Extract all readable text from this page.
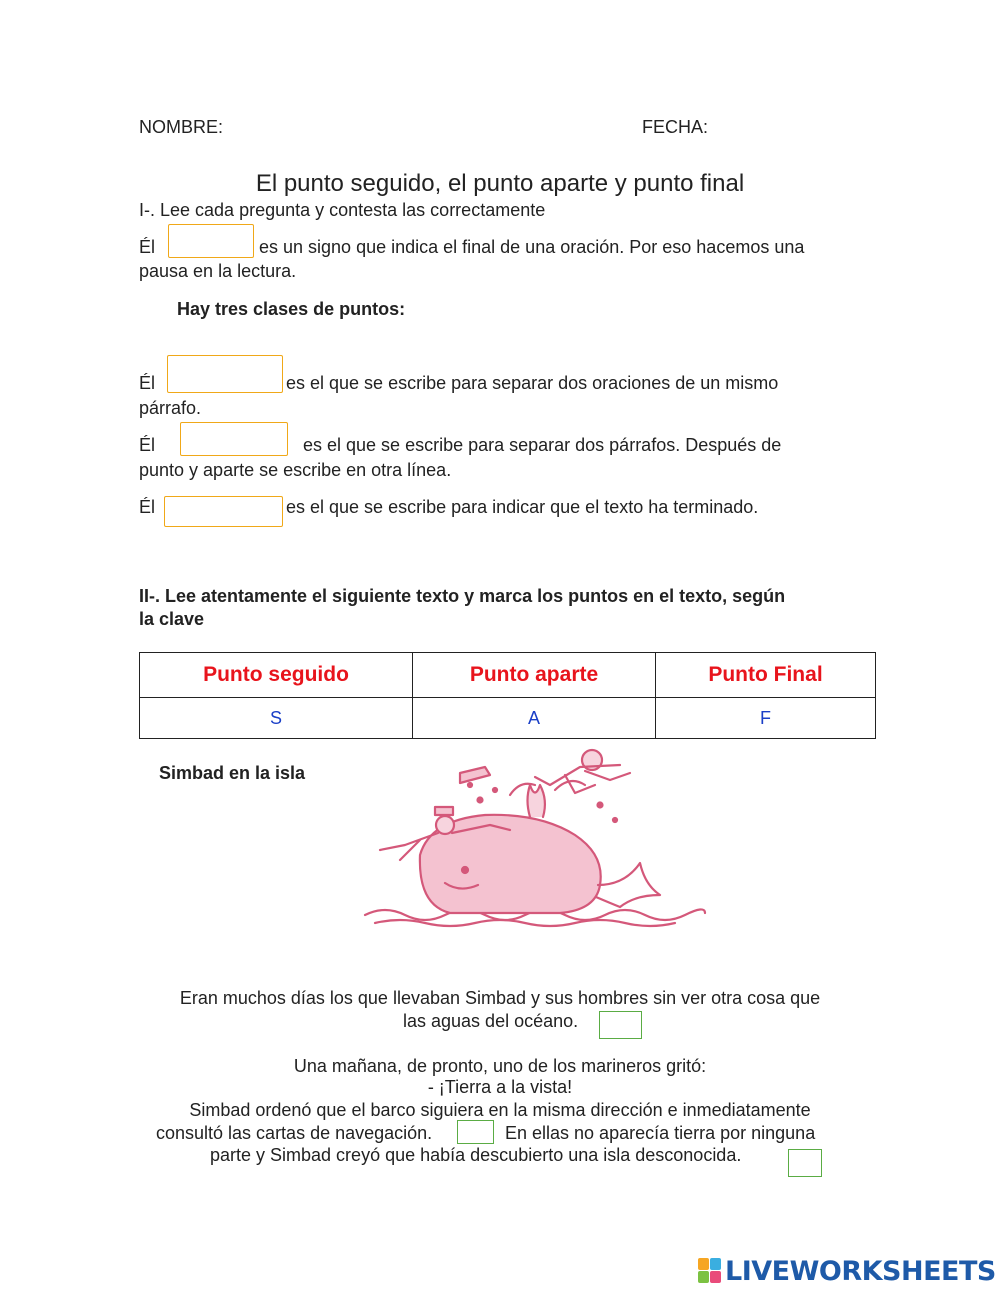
NOMBRE:	FECHA:
El punto seguido, el punto aparte y punto final
I-. Lee cada pregunta y contesta las correctamente
Él	es un signo que indica el final de una oración. Por eso hacemos una
pausa en la lectura.
Hay tres clases de puntos:
Él	es el que se escribe para separar dos oraciones de un mismo
párrafo.
Él	es el que se escribe para separar dos párrafos. Después de
punto y aparte se escribe en otra línea.
Él	es el que se escribe para indicar que el texto ha terminado.
II-. Lee atentamente el siguiente texto y marca los puntos en el texto, según
la clave
Punto seguido	Punto aparte	Punto Final
S	A	F
Simbad en la isla
Eran muchos días los que llevaban Simbad y sus hombres sin ver otra cosa que
las aguas del océano.
Una mañana, de pronto, uno de los marineros gritó:
- ¡Tierra a la vista!
Simbad ordenó que el barco siguiera en la misma dirección e inmediatamente
consultó las cartas de navegación.	En ellas no aparecía tierra por ninguna
parte y Simbad creyó que había descubierto una isla desconocida.
LIVEWORKSHEETS
